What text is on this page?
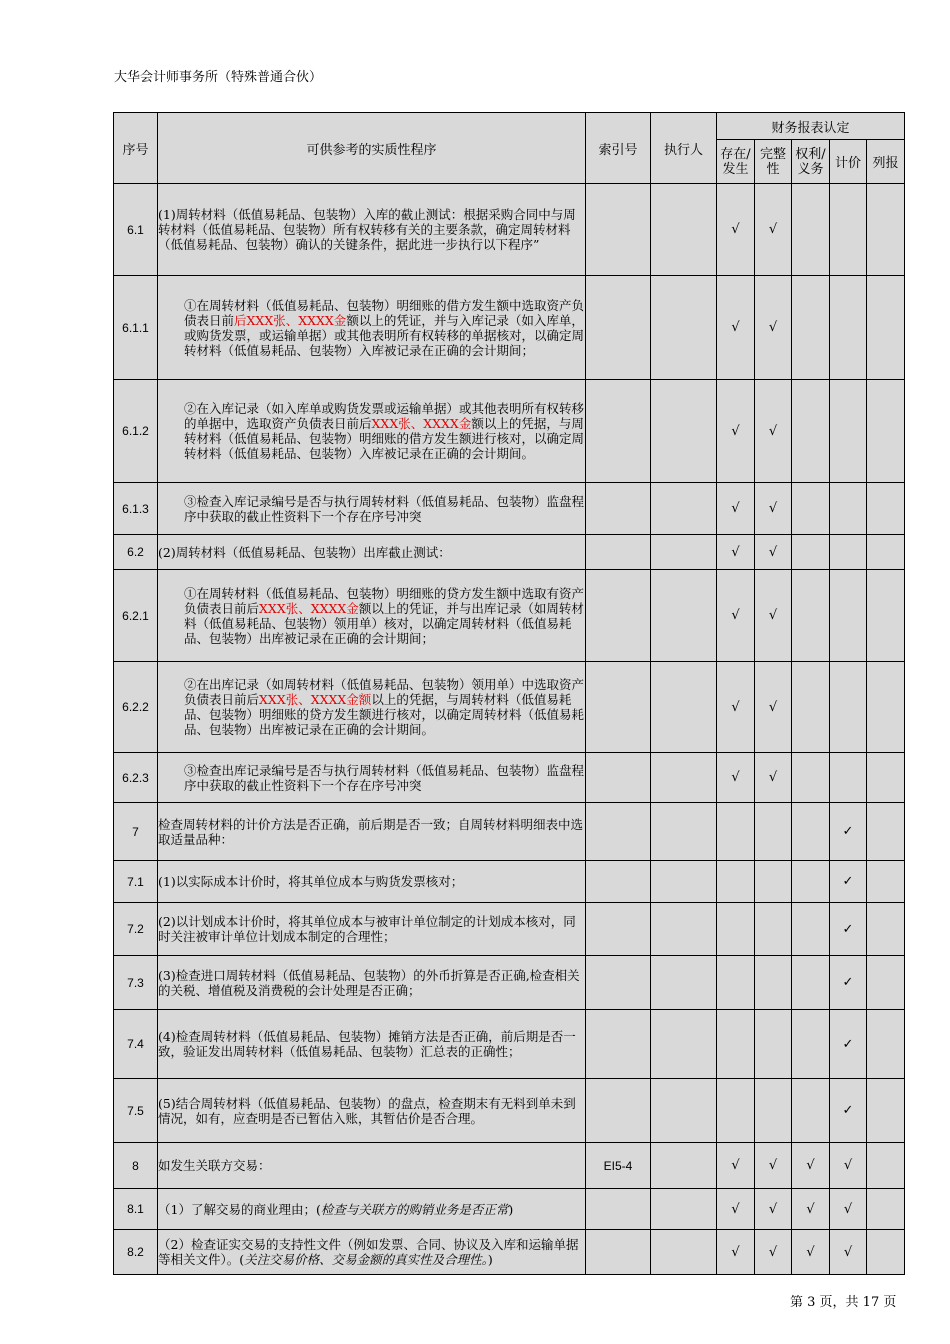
大华会计师事务所（特殊普通合伙）
序号	可供参考的实质性程序	索引号	执行人	财务报表认定				
				存在/发生	完整性	权利/义务	计价	列报
6.1	(1)周转材料（低值易耗品、包装物）入库的截止测试：根据采购合同中与周转材料（低值易耗品、包装物）所有权转移有关的主要条款，确定周转材料（低值易耗品、包装物）确认的关键条件，据此进一步执行以下程序”			√	√			
6.1.1	①在周转材料（低值易耗品、包装物）明细账的借方发生额中选取资产负债表日前后XXX张、XXXX金额以上的凭证，并与入库记录（如入库单，或购货发票，或运输单据）或其他表明所有权转移的单据核对，以确定周转材料（低值易耗品、包装物）入库被记录在正确的会计期间；			√	√			
6.1.2	②在入库记录（如入库单或购货发票或运输单据）或其他表明所有权转移的单据中，选取资产负债表日前后XXX张、XXXX金额以上的凭据，与周转材料（低值易耗品、包装物）明细账的借方发生额进行核对，以确定周转材料（低值易耗品、包装物）入库被记录在正确的会计期间。			√	√			
6.1.3	③检查入库记录编号是否与执行周转材料（低值易耗品、包装物）监盘程序中获取的截止性资料下一个存在序号冲突			√	√			
6.2	(2)周转材料（低值易耗品、包装物）出库截止测试：			√	√			
6.2.1	①在周转材料（低值易耗品、包装物）明细账的贷方发生额中选取有资产负债表日前后XXX张、XXXX金额以上的凭证，并与出库记录（如周转材料（低值易耗品、包装物）领用单）核对，以确定周转材料（低值易耗品、包装物）出库被记录在正确的会计期间；			√	√			
6.2.2	②在出库记录（如周转材料（低值易耗品、包装物）领用单）中选取资产负债表日前后XXX张、XXXX金额以上的凭据，与周转材料（低值易耗品、包装物）明细账的贷方发生额进行核对，以确定周转材料（低值易耗品、包装物）出库被记录在正确的会计期间。			√	√			
6.2.3	③检查出库记录编号是否与执行周转材料（低值易耗品、包装物）监盘程序中获取的截止性资料下一个存在序号冲突			√	√			
7	检查周转材料的计价方法是否正确，前后期是否一致；自周转材料明细表中选取适量品种：						✓	
7.1	(1)以实际成本计价时，将其单位成本与购货发票核对；						✓	
7.2	(2)以计划成本计价时，将其单位成本与被审计单位制定的计划成本核对，同时关注被审计单位计划成本制定的合理性；						✓	
7.3	(3)检查进口周转材料（低值易耗品、包装物）的外币折算是否正确,检查相关的关税、增值税及消费税的会计处理是否正确；						✓	
7.4	(4)检查周转材料（低值易耗品、包装物）摊销方法是否正确，前后期是否一致，验证发出周转材料（低值易耗品、包装物）汇总表的正确性；						✓	
7.5	(5)结合周转材料（低值易耗品、包装物）的盘点，检查期末有无料到单未到情况，如有，应查明是否已暂估入账，其暂估价是否合理。						✓	
8	如发生关联方交易：	EI5-4		√	√	√	√	
8.1	（1）了解交易的商业理由；(检查与关联方的购销业务是否正常)			√	√	√	√	
8.2	（2）检查证实交易的支持性文件（例如发票、合同、协议及入库和运输单据等相关文件）。(关注交易价格、交易金额的真实性及合理性。)			√	√	√	√	
第 3 页，共 17 页
